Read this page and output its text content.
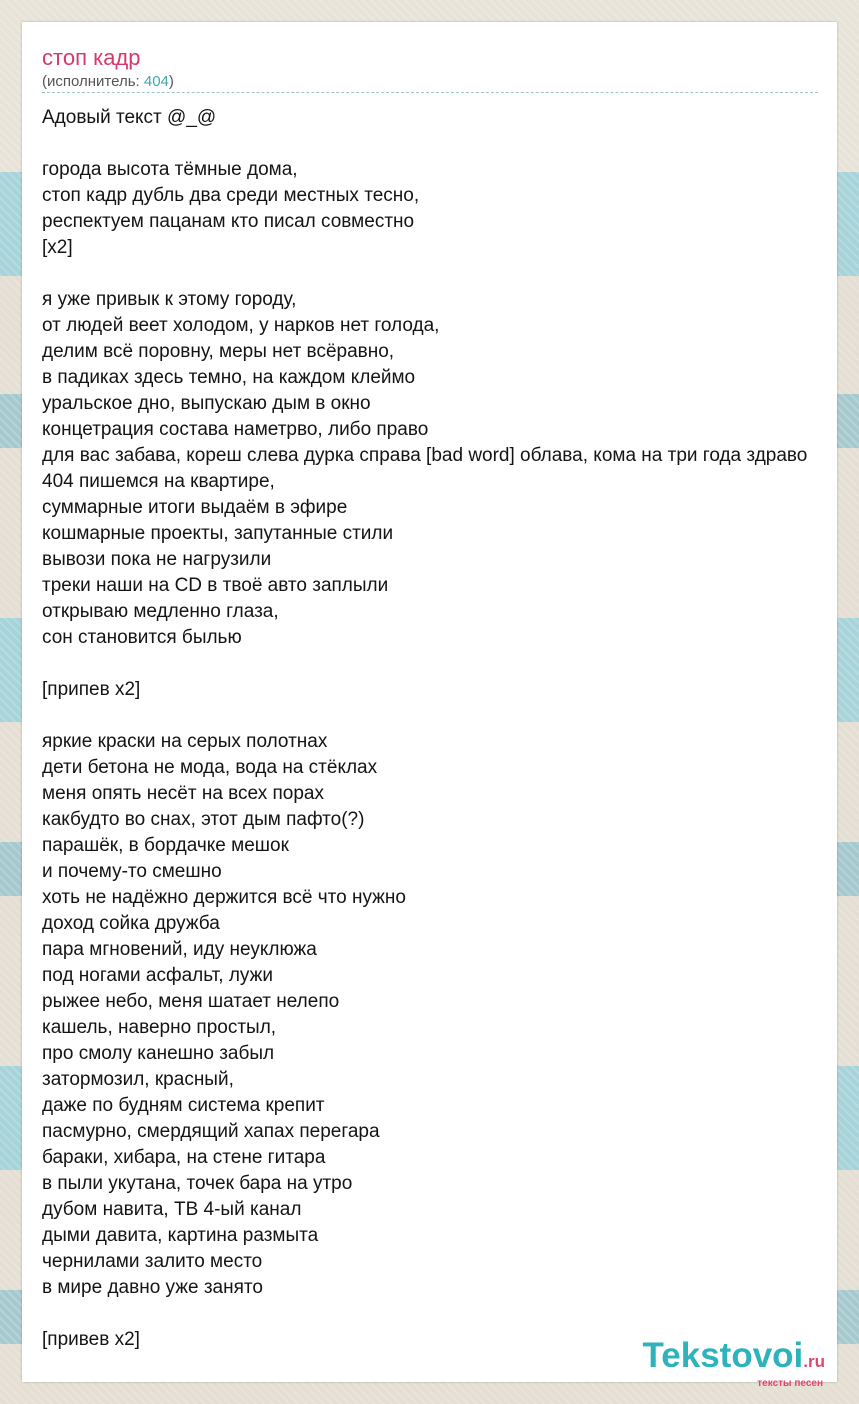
стоп кадр
(исполнитель: 404)
Адовый текст @_@
города высота тёмные дома,
стоп кадр дубль два среди местных тесно,
респектуем пацанам кто писал совместно
[x2]
я уже привык к этому городу,
от людей веет холодом, у нарков нет голода,
делим всё поровну, меры нет всёравно,
в падиках здесь темно, на каждом клеймо
уральское дно, выпускаю дым в окно
концетрация состава наметрво, либо право
для вас забава, кореш слева дурка справа [bad word] облава, кома на три года здраво
404 пишемся на квартире,
суммарные итоги выдаём в эфире
кошмарные проекты, запутанные стили
вывози пока не нагрузили
треки наши на CD в твоё авто заплыли
открываю медленно глаза,
сон становится былью
[припев x2]
яркие краски на серых полотнах
дети бетона не мода, вода на стёклах
меня опять несёт на всех порах
какбудто во снах, этот дым пафто(?)
парашёк, в бордачке мешок
и почему-то смешно
хоть не надёжно держится всё что нужно
доход сойка дружба
пара мгновений, иду неуклюжа
под ногами асфальт, лужи
рыжее небо, меня шатает нелепо
кашель, наверно простыл,
про смолу канешно забыл
затормозил, красный,
даже по будням система крепит
пасмурно, смердящий хапах перегара
бараки, хибара, на стене гитара
в пыли укутана, точек бара на утро
дубом навита, ТВ 4-ый канал
дыми давита, картина размыта
чернилами залито место
в мире давно уже занято
[привев x2]	Tekstovoi.ru
тексты песен
